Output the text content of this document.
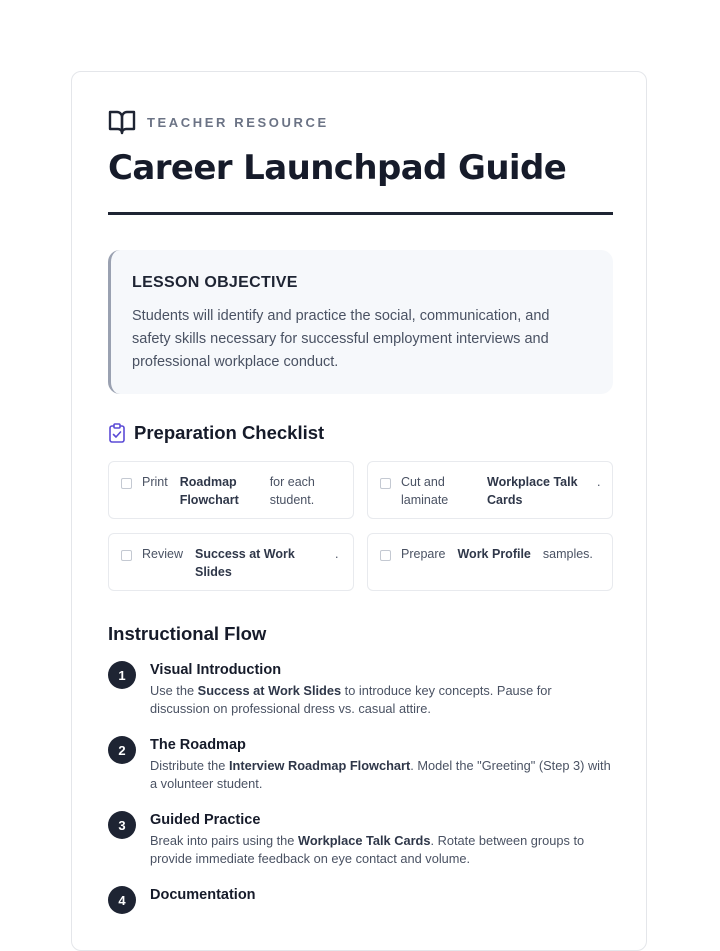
TEACHER RESOURCE
Career Launchpad Guide
LESSON OBJECTIVE

Students will identify and practice the social, communication, and safety skills necessary for successful employment interviews and professional workplace conduct.

Preparation Checklist
Print Roadmap Flowchart
for each student.
Cut and laminate
Workplace Talk Cards
.
Review Success at Work Slides
.	Prepare Work Profile samples.
Instructional Flow
1	Visual Introduction

Use the Success at Work Slides to introduce key concepts. Pause for discussion on professional dress vs. casual attire.

2	The Roadmap

Distribute the Interview Roadmap Flowchart. Model the "Greeting" (Step 3) with a volunteer student.

3	Guided Practice

Break into pairs using the Workplace Talk Cards. Rotate between groups to provide immediate feedback on eye contact and volume.

4	Documentation
